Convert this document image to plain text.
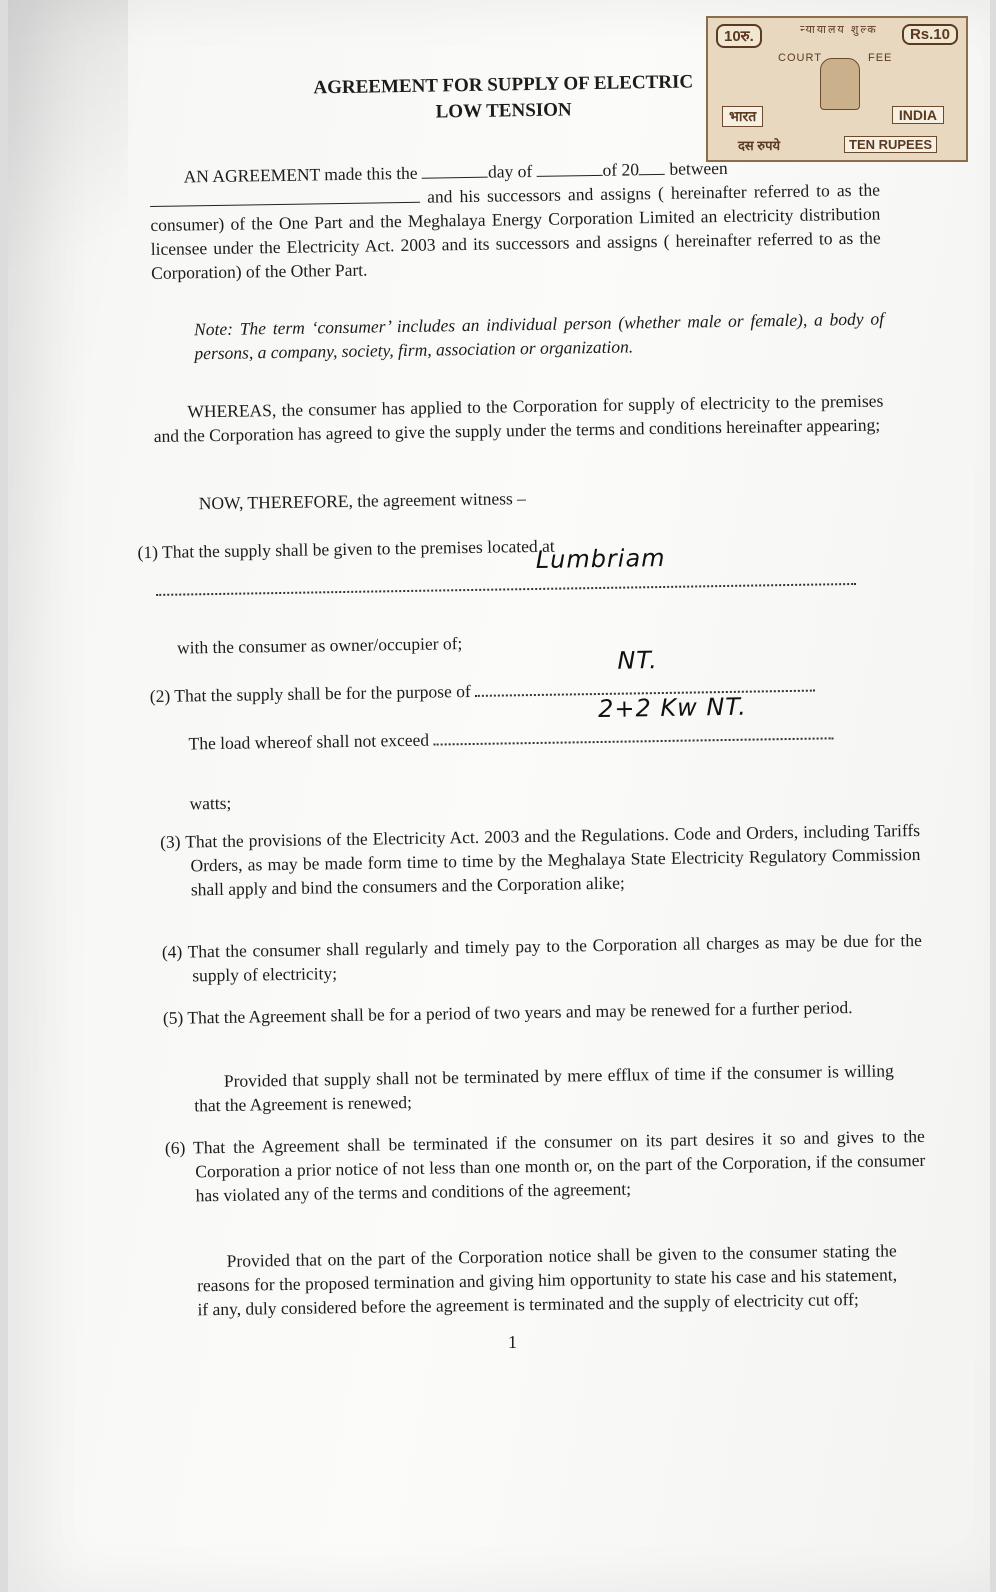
10रु.	न्यायालय शुल्क	Rs.10
COURT	FEE
भारत	INDIA
दस रुपये	TEN RUPEES
AGREEMENT FOR SUPPLY OF ELECTRIC
LOW TENSION
AN AGREEMENT made this the	day of	of 20 between
and his successors and assigns ( hereinafter referred to as the consumer) of the One Part and the Meghalaya Energy Corporation Limited an electricity distribution licensee under the Electricity Act. 2003 and its successors and assigns ( hereinafter referred to as the Corporation) of the Other Part.
Note: The term ‘consumer’ includes an individual person (whether male or female), a body of persons, a company, society, firm, association or organization.
WHEREAS, the consumer has applied to the Corporation for supply of electricity to the premises and the Corporation has agreed to give the supply under the terms and conditions hereinafter appearing;
NOW, THEREFORE, the agreement witness –
(1) That the supply shall be given to the premises located at
Lumbriam
with the consumer as owner/occupier of;
(2) That the supply shall be for the purpose of
NT.
The load whereof shall not exceed
2+2 Kw NT.
watts;
(3) That the provisions of the Electricity Act. 2003 and the Regulations. Code and Orders, including Tariffs Orders, as may be made form time to time by the Meghalaya State Electricity Regulatory Commission shall apply and bind the consumers and the Corporation alike;
(4) That the consumer shall regularly and timely pay to the Corporation all charges as may be due for the supply of electricity;
(5) That the Agreement shall be for a period of two years and may be renewed for a further period.
Provided that supply shall not be terminated by mere efflux of time if the consumer is willing that the Agreement is renewed;
(6) That the Agreement shall be terminated if the consumer on its part desires it so and gives to the Corporation a prior notice of not less than one month or, on the part of the Corporation, if the consumer has violated any of the terms and conditions of the agreement;
Provided that on the part of the Corporation notice shall be given to the consumer stating the reasons for the proposed termination and giving him opportunity to state his case and his statement, if any, duly considered before the agreement is terminated and the supply of electricity cut off;
1
